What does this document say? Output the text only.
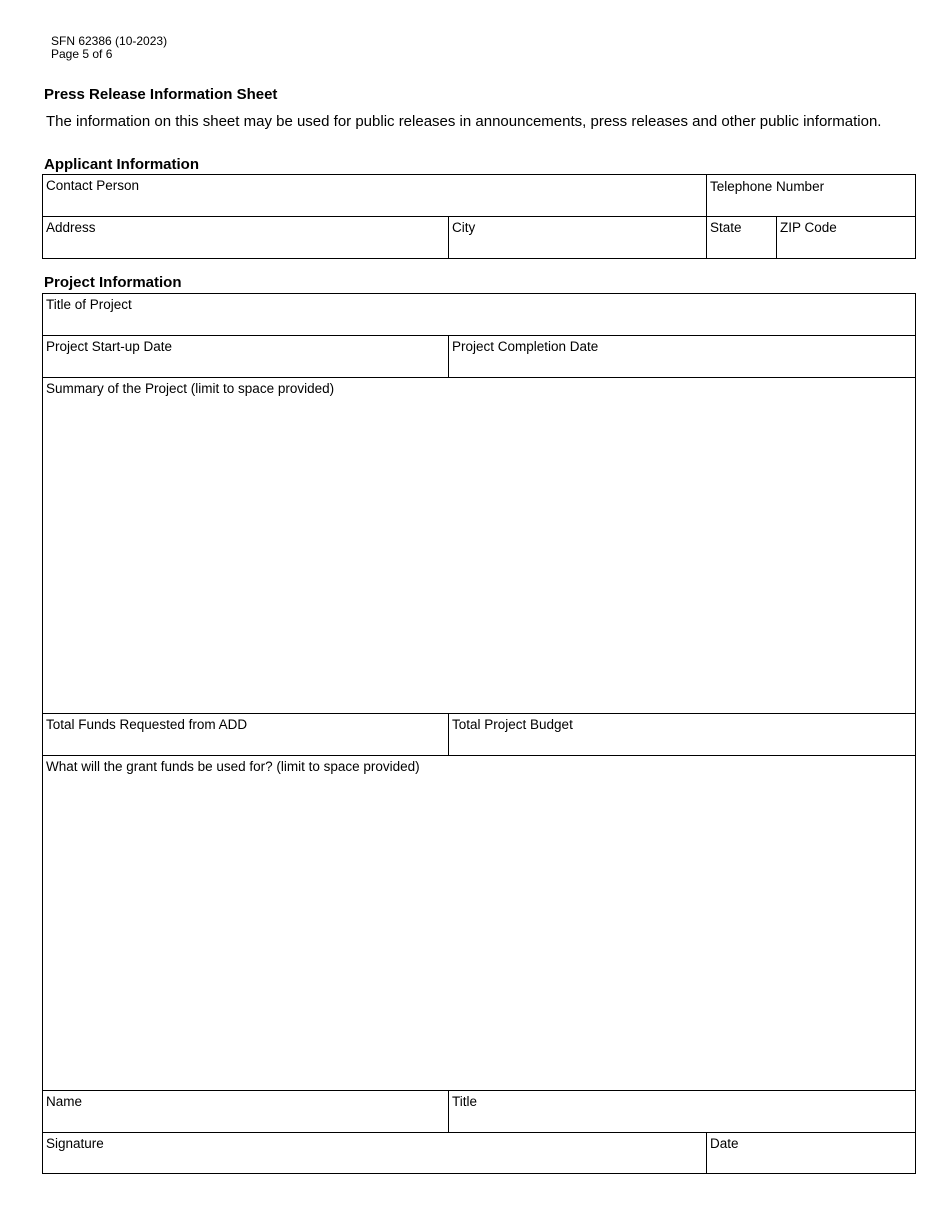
SFN 62386 (10-2023)
Page 5 of 6
Press Release Information Sheet
The information on this sheet may be used for public releases in announcements, press releases and other public information.
Applicant Information
Contact Person	Telephone Number
Address	City	State	ZIP Code
Project Information
Title of Project
Project Start-up Date	Project Completion Date
Summary of the Project (limit to space provided)
Total Funds Requested from ADD	Total Project Budget
What will the grant funds be used for? (limit to space provided)
Name	Title
Signature	Date
